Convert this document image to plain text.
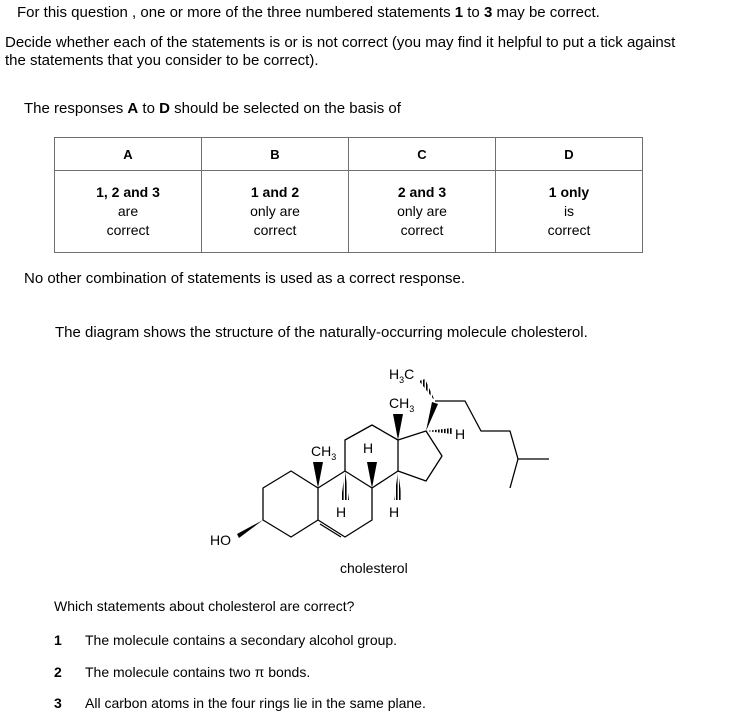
For this question , one or more of the three numbered statements 1 to 3 may be correct.
Decide whether each of the statements is or is not correct (you may find it helpful to put a tick against
the statements that you consider to be correct).
The responses A to D should be selected on the basis of
A	B	C	D
1, 2 and 3
are
correct	1 and 2
only are
correct	2 and 3
only are
correct	1 only
is
correct
No other combination of statements is used as a correct response.
The diagram shows the structure of the naturally-occurring molecule cholesterol.
$H_3C$
$CH_3$
$CH_3$
H
H
H	H
HO
cholesterol
Which statements about cholesterol are correct?
1 The molecule contains a secondary alcohol group.
2 The molecule contains two π bonds.
3 All carbon atoms in the four rings lie in the same plane.
